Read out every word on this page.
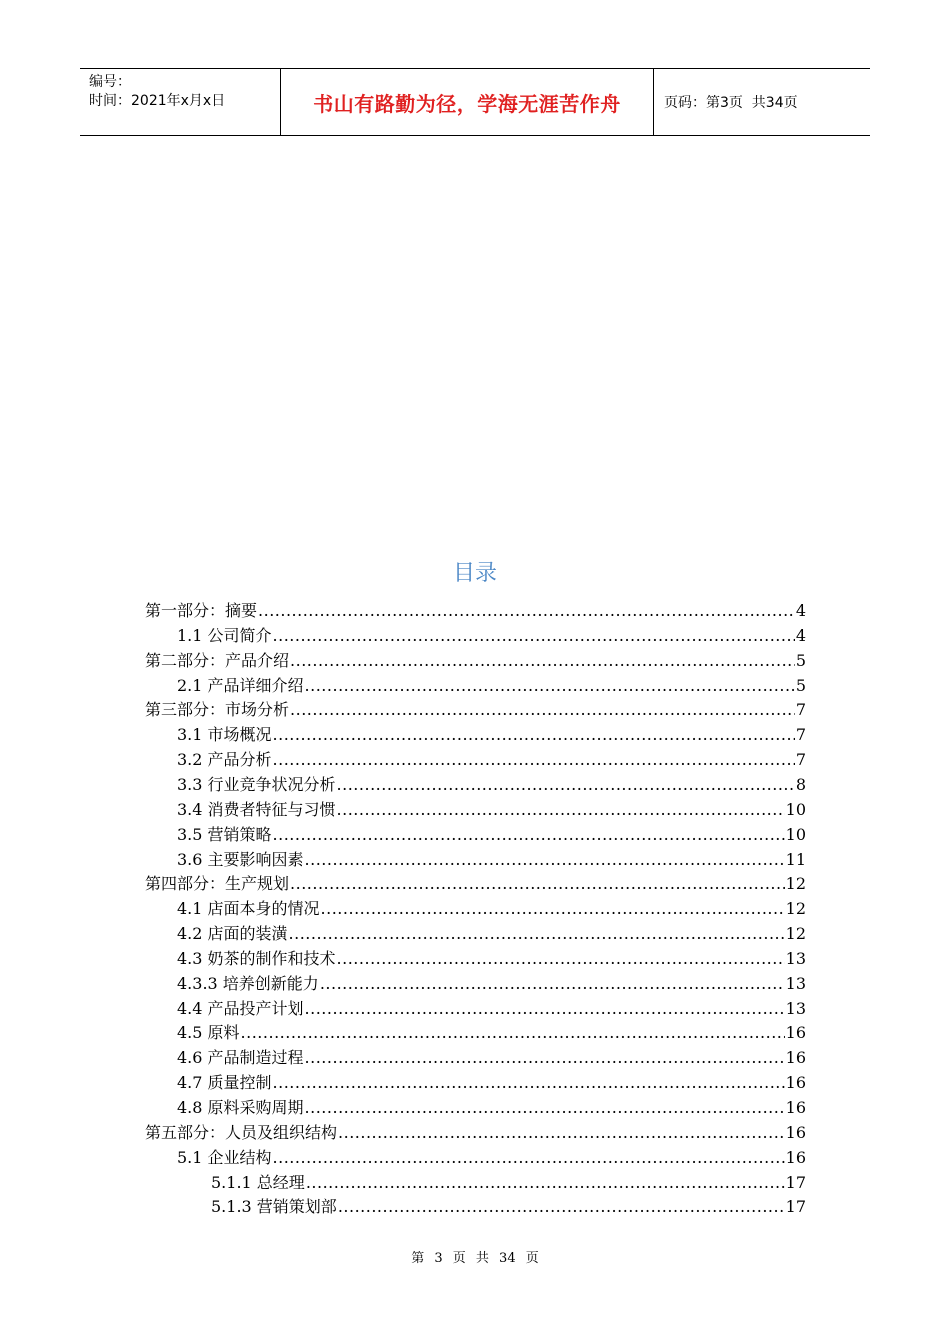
编号：
时间：2021年x月x日	书山有路勤为径，学海无涯苦作舟	页码：第3页  共34页
目录
第一部分：摘要 .....	4
1.1 公司简介 .....	4
第二部分：产品介绍 .....	5
2.1 产品详细介绍 .....	5
第三部分：市场分析 .....	7
3.1 市场概况 .....	7
3.2 产品分析 .....	7
3.3 行业竞争状况分析 .....	8
3.4 消费者特征与习惯 .....	10
3.5 营销策略 .....	10
3.6 主要影响因素 .....	11
第四部分：生产规划 .....	12
4.1 店面本身的情况 .....	12
4.2 店面的装潢 .....	12
4.3 奶茶的制作和技术 .....	13
4.3.3 培养创新能力 .....	13
4.4 产品投产计划 .....	13
4.5 原料 .....	16
4.6 产品制造过程 .....	16
4.7 质量控制 .....	16
4.8 原料采购周期 .....	16
第五部分：人员及组织结构 .....	16
5.1 企业结构 .....	16
5.1.1 总经理 .....	17
5.1.3 营销策划部 .....	17
第 3 页 共 34 页
